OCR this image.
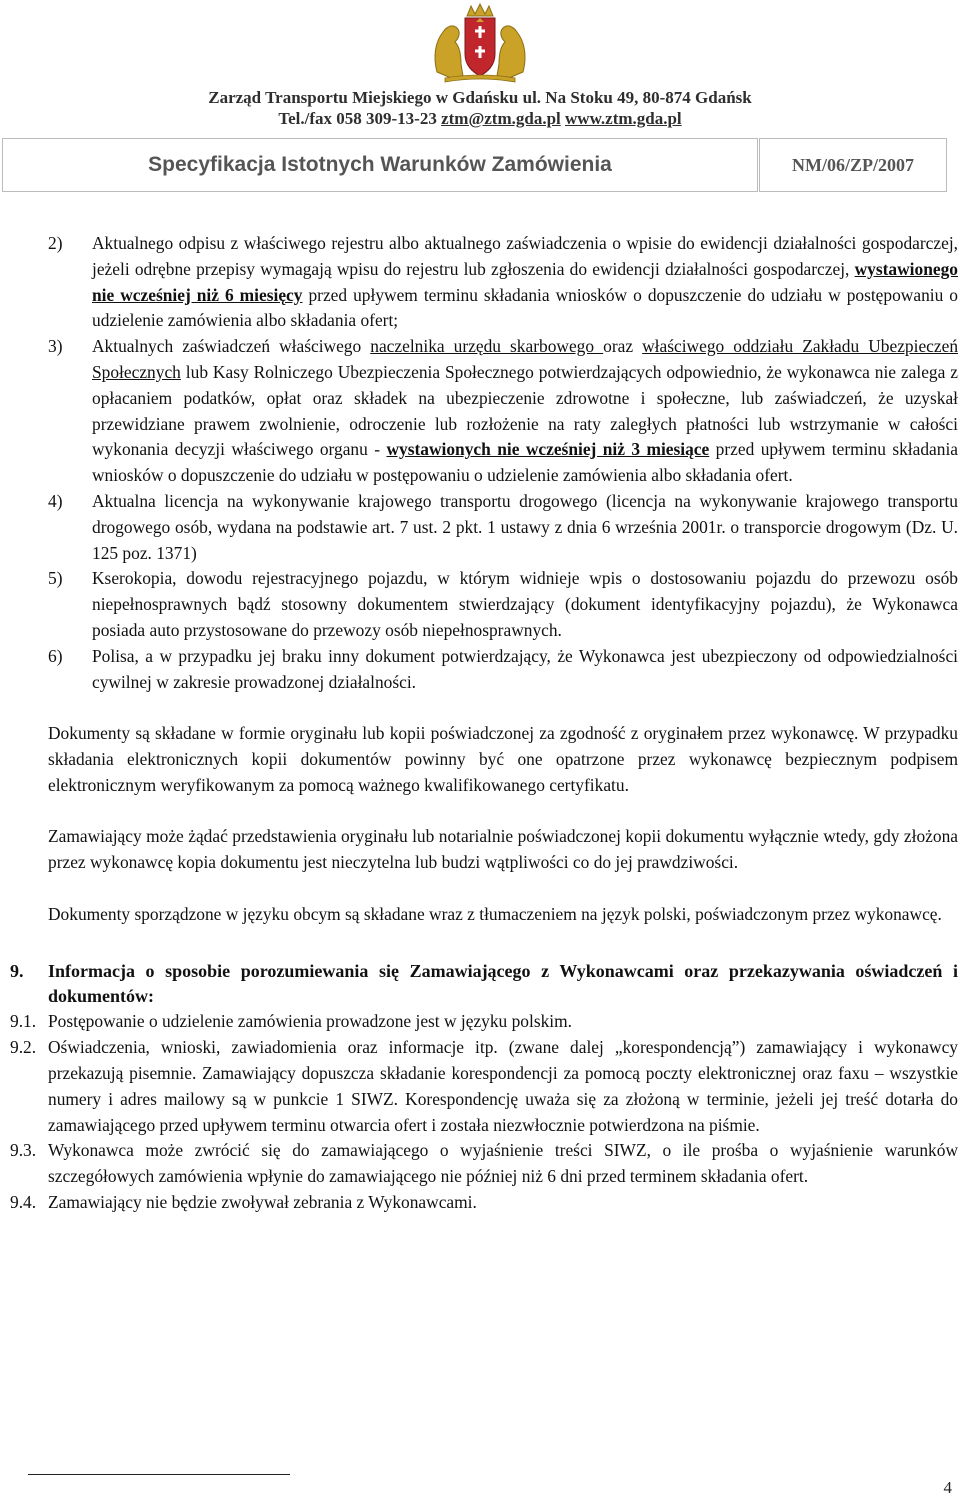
Zarząd Transportu Miejskiego w Gdańsku ul. Na Stoku 49, 80-874 Gdańsk
Tel./fax 058 309-13-23 ztm@ztm.gda.pl www.ztm.gda.pl
Specyfikacja Istotnych Warunków Zamówienia	NM/06/ZP/2007
2)	Aktualnego odpisu z właściwego rejestru albo aktualnego zaświadczenia o wpisie do ewidencji działalności gospodarczej, jeżeli odrębne przepisy wymagają wpisu do rejestru lub zgłoszenia do ewidencji działalności gospodarczej, wystawionego nie wcześniej niż 6 miesięcy przed upływem terminu składania wniosków o dopuszczenie do udziału w postępowaniu o udzielenie zamówienia albo składania ofert;
3)	Aktualnych zaświadczeń właściwego naczelnika urzędu skarbowego oraz właściwego oddziału Zakładu Ubezpieczeń Społecznych lub Kasy Rolniczego Ubezpieczenia Społecznego potwierdzających odpowiednio, że wykonawca nie zalega z opłacaniem podatków, opłat oraz składek na ubezpieczenie zdrowotne i społeczne, lub zaświadczeń, że uzyskał przewidziane prawem zwolnienie, odroczenie lub rozłożenie na raty zaległych płatności lub wstrzymanie w całości wykonania decyzji właściwego organu - wystawionych nie wcześniej niż 3 miesiące przed upływem terminu składania wniosków o dopuszczenie do udziału w postępowaniu o udzielenie zamówienia albo składania ofert.
4)	Aktualna licencja na wykonywanie krajowego transportu drogowego (licencja na wykonywanie krajowego transportu drogowego osób, wydana na podstawie art. 7 ust. 2 pkt. 1 ustawy z dnia 6 września 2001r. o transporcie drogowym (Dz. U. 125 poz. 1371)
5)	Kserokopia, dowodu rejestracyjnego pojazdu, w którym widnieje wpis o dostosowaniu pojazdu do przewozu osób niepełnosprawnych bądź stosowny dokumentem stwierdzający (dokument identyfikacyjny pojazdu), że Wykonawca posiada auto przystosowane do przewozy osób niepełnosprawnych.
6)	Polisa, a w przypadku jej braku inny dokument potwierdzający, że Wykonawca jest ubezpieczony od odpowiedzialności cywilnej w zakresie prowadzonej działalności.
Dokumenty są składane w formie oryginału lub kopii poświadczonej za zgodność z oryginałem przez wykonawcę. W przypadku składania elektronicznych kopii dokumentów powinny być one opatrzone przez wykonawcę bezpiecznym podpisem elektronicznym weryfikowanym za pomocą ważnego kwalifikowanego certyfikatu.
Zamawiający może żądać przedstawienia oryginału lub notarialnie poświadczonej kopii dokumentu wyłącznie wtedy, gdy złożona przez wykonawcę kopia dokumentu jest nieczytelna lub budzi wątpliwości co do jej prawdziwości.
Dokumenty sporządzone w języku obcym są składane wraz z tłumaczeniem na język polski, poświadczonym przez wykonawcę.
9.	Informacja o sposobie porozumiewania się Zamawiającego z Wykonawcami oraz przekazywania oświadczeń i dokumentów:
9.1. Postępowanie o udzielenie zamówienia prowadzone jest w języku polskim.
9.2. Oświadczenia, wnioski, zawiadomienia oraz informacje itp. (zwane dalej „korespondencją”) zamawiający i wykonawcy przekazują pisemnie. Zamawiający dopuszcza składanie korespondencji za pomocą poczty elektronicznej oraz faxu – wszystkie numery i adres mailowy są w punkcie 1 SIWZ. Korespondencję uważa się za złożoną w terminie, jeżeli jej treść dotarła do zamawiającego przed upływem terminu otwarcia ofert i została niezwłocznie potwierdzona na piśmie.
9.3. Wykonawca może zwrócić się do zamawiającego o wyjaśnienie treści SIWZ, o ile prośba o wyjaśnienie warunków szczegółowych zamówienia wpłynie do zamawiającego nie później niż 6 dni przed terminem składania ofert.
9.4. Zamawiający nie będzie zwoływał zebrania z Wykonawcami.
4
